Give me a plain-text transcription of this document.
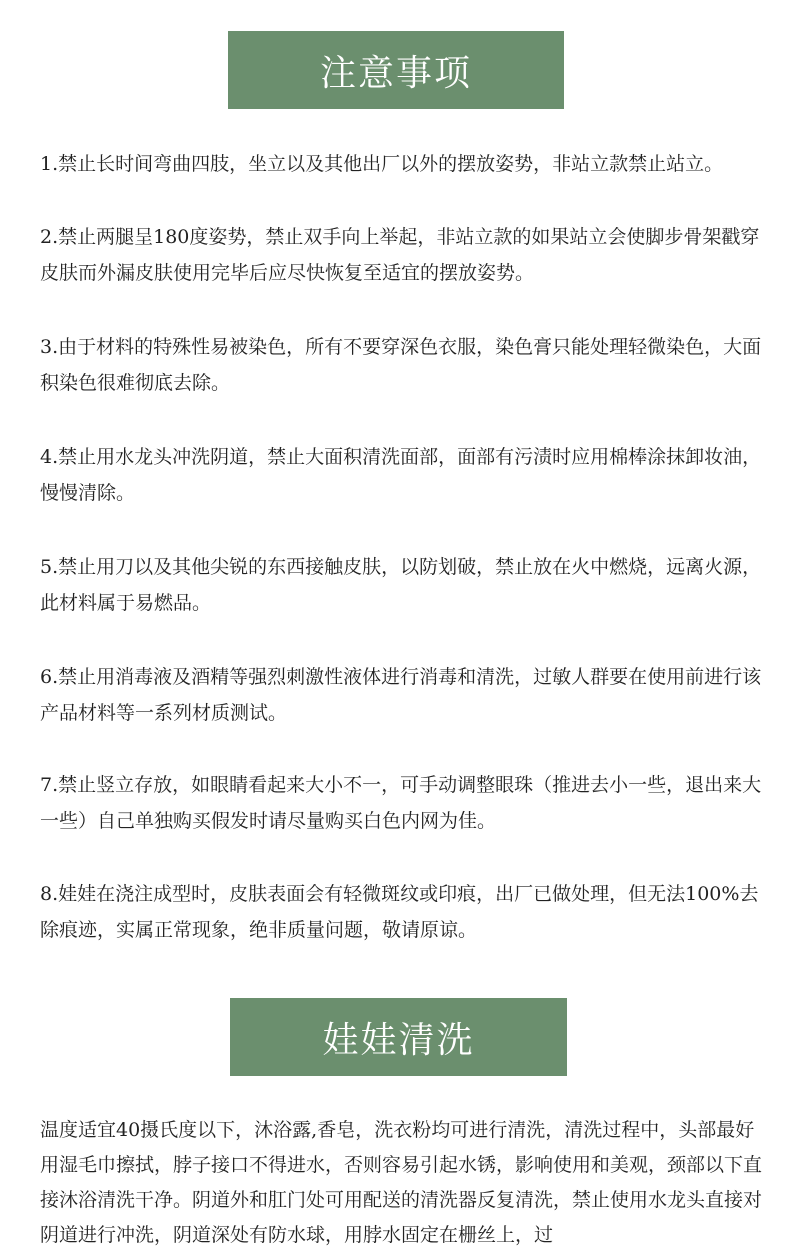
注意事项

1.禁止长时间弯曲四肢，坐立以及其他出厂以外的摆放姿势，非站立款禁止站立。

2.禁止两腿呈180度姿势，禁止双手向上举起，非站立款的如果站立会使脚步骨架戳穿皮肤而外漏皮肤使用完毕后应尽快恢复至适宜的摆放姿势。

3.由于材料的特殊性易被染色，所有不要穿深色衣服，染色膏只能处理轻微染色，大面积染色很难彻底去除。

4.禁止用水龙头冲洗阴道，禁止大面积清洗面部，面部有污渍时应用棉棒涂抹卸妆油，慢慢清除。

5.禁止用刀以及其他尖锐的东西接触皮肤，以防划破，禁止放在火中燃烧，远离火源，此材料属于易燃品。

6.禁止用消毒液及酒精等强烈刺激性液体进行消毒和清洗，过敏人群要在使用前进行该产品材料等一系列材质测试。

7.禁止竖立存放，如眼睛看起来大小不一，可手动调整眼珠（推进去小一些，退出来大一些）自己单独购买假发时请尽量购买白色内网为佳。

8.娃娃在浇注成型时，皮肤表面会有轻微斑纹或印痕，出厂已做处理，但无法100%去除痕迹，实属正常现象，绝非质量问题，敬请原谅。

娃娃清洗

温度适宜40摄氏度以下，沐浴露,香皂，洗衣粉均可进行清洗，清洗过程中，头部最好用湿毛巾擦拭，脖子接口不得进水，否则容易引起水锈，影响使用和美观，颈部以下直接沐浴清洗干净。阴道外和肛门处可用配送的清洗器反复清洗，禁止使用水龙头直接对阴道进行冲洗，阴道深处有防水球，用脖水固定在栅丝上，过
